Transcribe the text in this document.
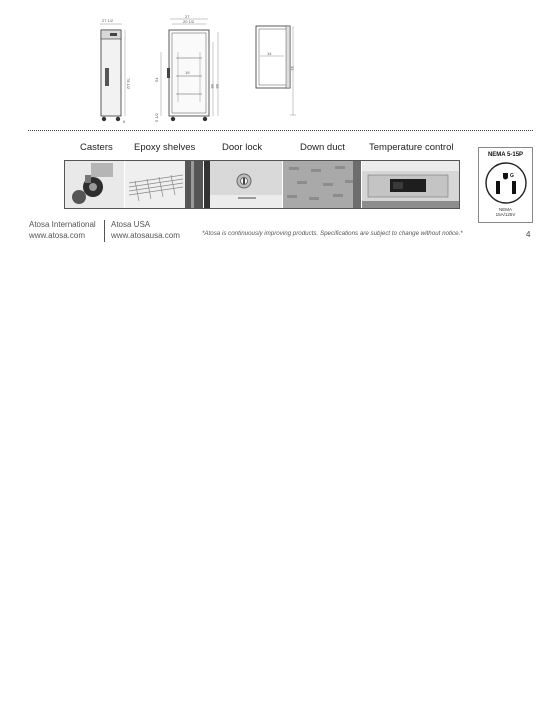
27 1/2
78 1/2
6
27
20 1/2
19
54
58 68
5 1/2
14
33
Casters Epoxy shelves	Door lock	Down duct	Temperature control
NEMA 5-15P
G
NEMA
15A/125V
Atosa International
www.atosa.com
Atosa USA
www.atosausa.com	*Atosa is continuously improving products. Specifications are subject to change without notice.*	4
